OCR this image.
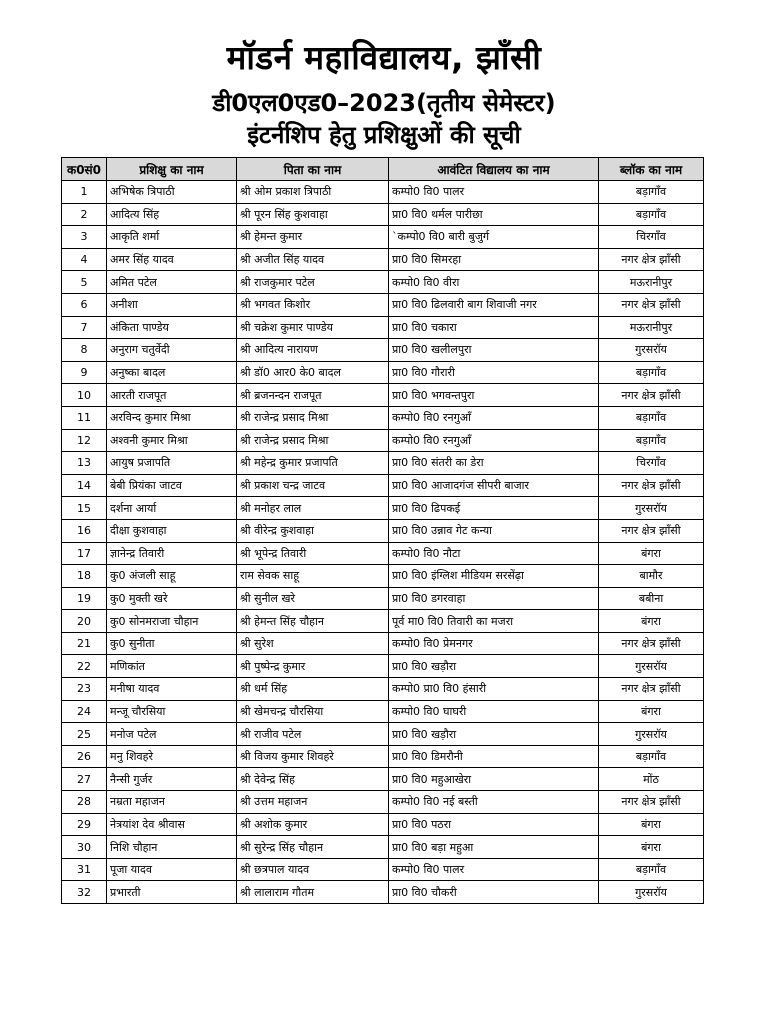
मॉडर्न महाविद्यालय, झाँसी
डी0एल0एड0–2023(तृतीय सेमेस्टर)
इंटर्नशिप हेतु प्रशिक्षुओं की सूची
क0सं0	प्रशिक्षु का नाम	पिता का नाम	आवंटित विद्यालय का नाम	ब्लॉक का नाम
1	अभिषेक त्रिपाठी	श्री ओम प्रकाश त्रिपाठी	कम्पो0 वि0 पालर	बड़ागाँव
2	आदित्य सिंह	श्री पूरन सिंह कुशवाहा	प्रा0 वि0 थर्मल पारीछा	बड़ागाँव
3	आकृति शर्मा	श्री हेमन्त कुमार	`कम्पो0 वि0 बारी बुजुर्ग	चिरगाँव
4	अमर सिंह यादव	श्री अजीत सिंह यादव	प्रा0 वि0 सिमरहा	नगर क्षेत्र झाँसी
5	अमित पटेल	श्री राजकुमार पटेल	कम्पो0 वि0 वीरा	मऊरानीपुर
6	अनीशा	श्री भगवत किशोर	प्रा0 वि0 ढिलवारी बाग शिवाजी नगर	नगर क्षेत्र झाँसी
7	अंकिता पाण्डेय	श्री चक्रेश कुमार पाण्डेय	प्रा0 वि0 चकारा	मऊरानीपुर
8	अनुराग चतुर्वेदी	श्री आदित्य नारायण	प्रा0 वि0 खलीलपुरा	गुरसरॉय
9	अनुष्का बादल	श्री डॉ0 आर0 के0 बादल	प्रा0 वि0 गौरारी	बड़ागाँव
10	आरती राजपूत	श्री ब्रजनन्दन राजपूत	प्रा0 वि0 भगवन्तपुरा	नगर क्षेत्र झाँसी
11	अरविन्द कुमार मिश्रा	श्री राजेन्द्र प्रसाद मिश्रा	कम्पो0 वि0 रनगुआँ	बड़ागाँव
12	अश्वनी कुमार मिश्रा	श्री राजेन्द्र प्रसाद मिश्रा	कम्पो0 वि0 रनगुआँ	बड़ागाँव
13	आयुष प्रजापति	श्री महेन्द्र कुमार प्रजापति	प्रा0 वि0 संतरी का डेरा	चिरगाँव
14	बेबी प्रियंका जाटव	श्री प्रकाश चन्द्र जाटव	प्रा0 वि0 आजादगंज सीपरी बाजार	नगर क्षेत्र झाँसी
15	दर्शना आर्या	श्री मनोहर लाल	प्रा0 वि0 ढिपकई	गुरसरॉय
16	दीक्षा कुशवाहा	श्री वीरेन्द्र कुशवाहा	प्रा0 वि0 उन्नाव गेट कन्या	नगर क्षेत्र झाँसी
17	ज्ञानेन्द्र तिवारी	श्री भूपेन्द्र तिवारी	कम्पो0 वि0 नौटा	बंगरा
18	कु0 अंजली साहू	राम सेवक साहू	प्रा0 वि0 इंग्लिश मीडियम सरसेंढ़ा	बामौर
19	कु0 मुक्ती खरे	श्री सुनील खरे	प्रा0 वि0 डगरवाहा	बबीना
20	कु0 सोनमराजा चौहान	श्री हेमन्त सिंह चौहान	पूर्व मा0 वि0 तिवारी का मजरा	बंगरा
21	कु0 सुनीता	श्री सुरेश	कम्पो0 वि0 प्रेमनगर	नगर क्षेत्र झाँसी
22	मणिकांत	श्री पुष्पेन्द्र कुमार	प्रा0 वि0 खड़ौरा	गुरसरॉय
23	मनीषा यादव	श्री धर्म सिंह	कम्पो0 प्रा0 वि0 हंसारी	नगर क्षेत्र झाँसी
24	मन्जू चौरसिया	श्री खेमचन्द्र चौरसिया	कम्पो0 वि0 घाघरी	बंगरा
25	मनोज पटेल	श्री राजीव पटेल	प्रा0 वि0 खड़ौरा	गुरसरॉय
26	मनु शिवहरे	श्री विजय कुमार शिवहरे	प्रा0 वि0 डिमरौनी	बड़ागाँव
27	नैन्सी गुर्जर	श्री देवेन्द्र सिंह	प्रा0 वि0 महुआखेरा	मोंठ
28	नम्रता महाजन	श्री उत्तम महाजन	कम्पो0 वि0 नई बस्ती	नगर क्षेत्र झाँसी
29	नेत्रयांश देव श्रीवास	श्री अशोक कुमार	प्रा0 वि0 पठरा	बंगरा
30	निशि चौहान	श्री सुरेन्द्र सिंह चौहान	प्रा0 वि0 बड़ा महुआ	बंगरा
31	पूजा यादव	श्री छत्रपाल यादव	कम्पो0 वि0 पालर	बड़ागाँव
32	प्रभारती	श्री लालाराम गौतम	प्रा0 वि0 चौकरी	गुरसरॉय
